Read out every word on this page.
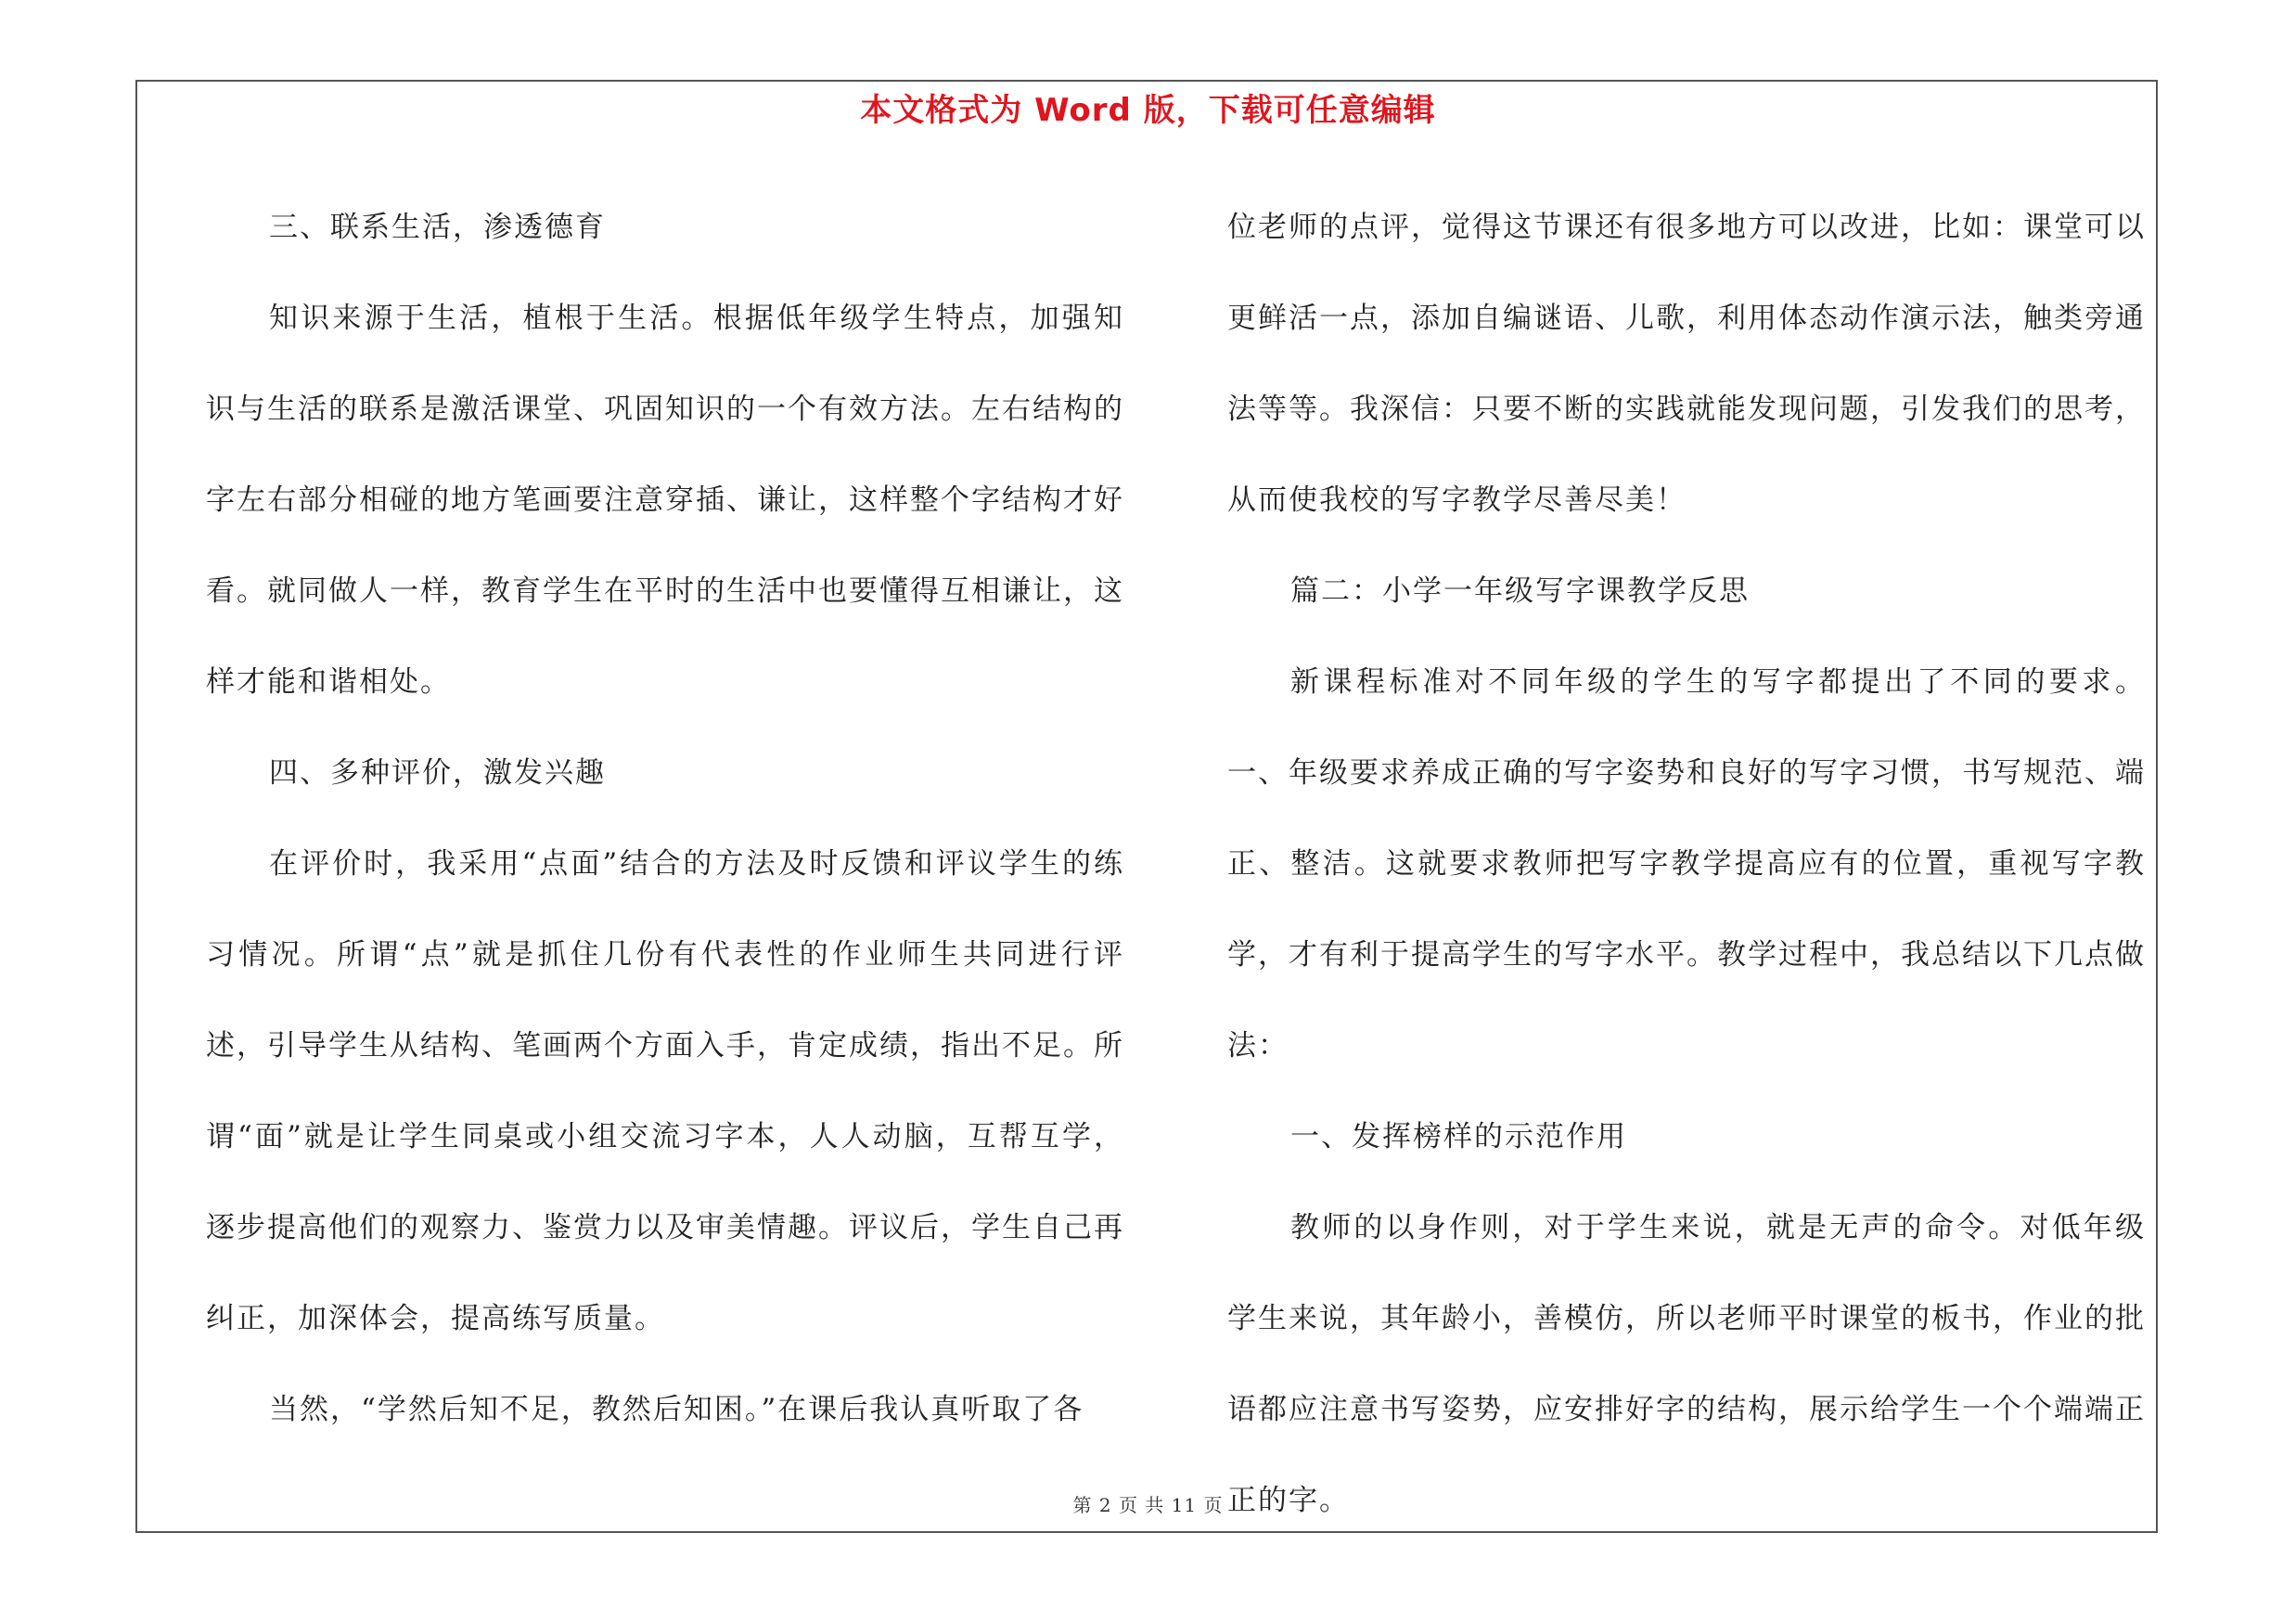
本文格式为 Word 版，下载可任意编辑

三、联系生活，渗透德育

知识来源于生活，植根于生活。根据低年级学生特点，加强知识与生活的联系是激活课堂、巩固知识的一个有效方法。左右结构的字左右部分相碰的地方笔画要注意穿插、谦让，这样整个字结构才好看。就同做人一样，教育学生在平时的生活中也要懂得互相谦让，这样才能和谐相处。

四、多种评价，激发兴趣

在评价时，我采用“点面”结合的方法及时反馈和评议学生的练习情况。所谓“点”就是抓住几份有代表性的作业师生共同进行评述，引导学生从结构、笔画两个方面入手，肯定成绩，指出不足。所谓“面”就是让学生同桌或小组交流习字本，人人动脑，互帮互学，逐步提高他们的观察力、鉴赏力以及审美情趣。评议后，学生自己再纠正，加深体会，提高练写质量。

当然，“学然后知不足，教然后知困。”在课后我认真听取了各

位老师的点评，觉得这节课还有很多地方可以改进，比如：课堂可以更鲜活一点，添加自编谜语、儿歌，利用体态动作演示法，触类旁通法等等。我深信：只要不断的实践就能发现问题，引发我们的思考，从而使我校的写字教学尽善尽美！

篇二：小学一年级写字课教学反思

新课程标准对不同年级的学生的写字都提出了不同的要求。一、年级要求养成正确的写字姿势和良好的写字习惯，书写规范、端正、整洁。这就要求教师把写字教学提高应有的位置，重视写字教学，才有利于提高学生的写字水平。教学过程中，我总结以下几点做法：

一、发挥榜样的示范作用

教师的以身作则，对于学生来说，就是无声的命令。对低年级学生来说，其年龄小，善模仿，所以老师平时课堂的板书，作业的批语都应注意书写姿势，应安排好字的结构，展示给学生一个个端端正正的字。

第 2 页 共 11 页
